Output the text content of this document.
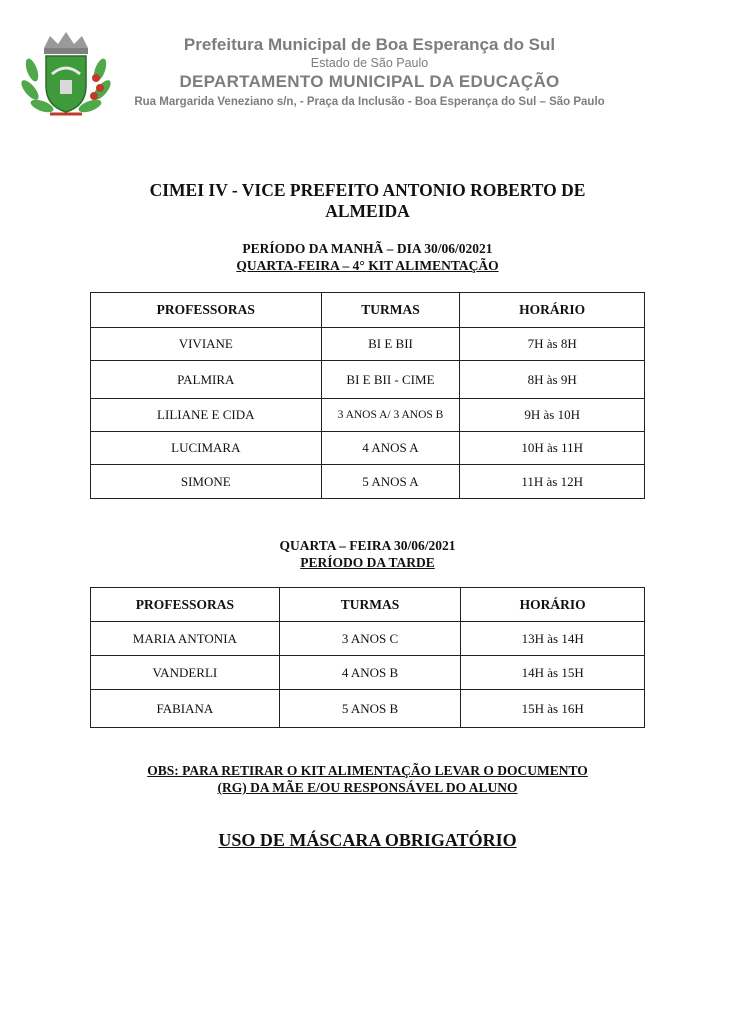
Prefeitura Municipal de Boa Esperança do Sul
Estado de São Paulo
DEPARTAMENTO MUNICIPAL DA EDUCAÇÃO
Rua Margarida Veneziano s/n, - Praça da Inclusão - Boa Esperança do Sul – São Paulo
CIMEI IV - VICE PREFEITO ANTONIO ROBERTO DE
ALMEIDA
PERÍODO DA MANHÃ – DIA 30/06/02021
QUARTA-FEIRA – 4° KIT ALIMENTAÇÃO
PROFESSORAS	TURMAS	HORÁRIO
VIVIANE	BI E BII	7H às 8H
PALMIRA	BI E BII - CIME	8H às 9H
LILIANE E CIDA	3 ANOS A/ 3 ANOS B	9H às 10H
LUCIMARA	4 ANOS A	10H às 11H
SIMONE	5 ANOS A	11H às 12H
QUARTA – FEIRA 30/06/2021
PERÍODO DA TARDE
PROFESSORAS	TURMAS	HORÁRIO
MARIA ANTONIA	3 ANOS C	13H às 14H
VANDERLI	4 ANOS B	14H às 15H
FABIANA	5 ANOS B	15H às 16H
OBS: PARA RETIRAR O KIT ALIMENTAÇÃO LEVAR O DOCUMENTO
(RG) DA MÃE E/OU RESPONSÁVEL DO ALUNO
USO DE MÁSCARA OBRIGATÓRIO
